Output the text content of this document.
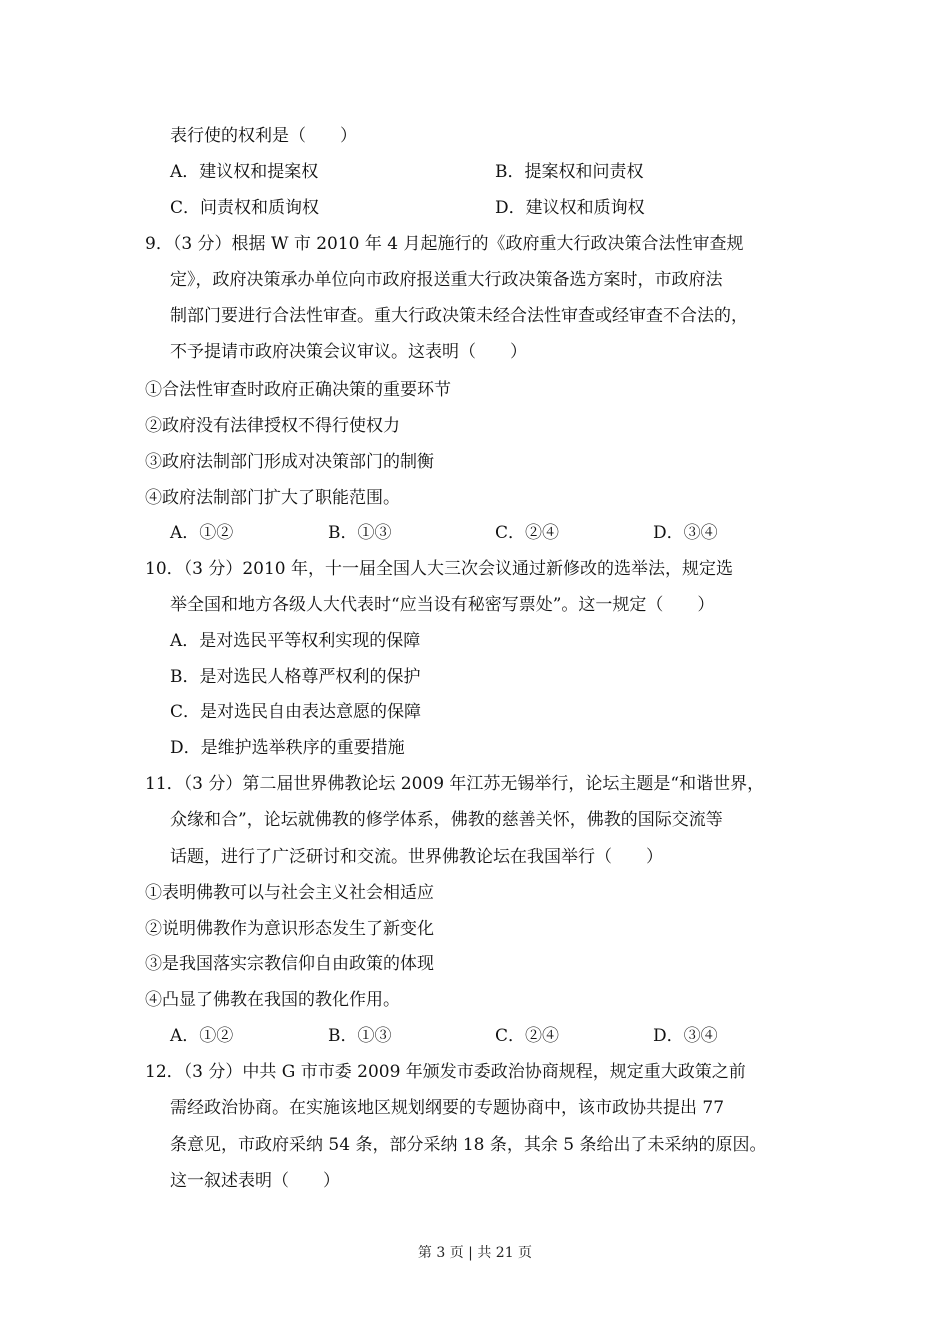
表行使的权利是（　　）
A．建议权和提案权	B．提案权和问责权
C．问责权和质询权	D．建议权和质询权
9．（3 分）根据 W 市 2010 年 4 月起施行的《政府重大行政决策合法性审查规
定》，政府决策承办单位向市政府报送重大行政决策备选方案时，市政府法
制部门要进行合法性审查。重大行政决策未经合法性审查或经审查不合法的，
不予提请市政府决策会议审议。这表明（　　）
①合法性审查时政府正确决策的重要环节
②政府没有法律授权不得行使权力
③政府法制部门形成对决策部门的制衡
④政府法制部门扩大了职能范围。
A．①②	B．①③	C．②④	D．③④
10．（3 分）2010 年，十一届全国人大三次会议通过新修改的选举法，规定选
举全国和地方各级人大代表时“应当设有秘密写票处”。这一规定（　　）
A．是对选民平等权利实现的保障
B．是对选民人格尊严权利的保护
C．是对选民自由表达意愿的保障
D．是维护选举秩序的重要措施
11．（3 分）第二届世界佛教论坛 2009 年江苏无锡举行，论坛主题是“和谐世界，
众缘和合”，论坛就佛教的修学体系，佛教的慈善关怀，佛教的国际交流等
话题，进行了广泛研讨和交流。世界佛教论坛在我国举行（　　）
①表明佛教可以与社会主义社会相适应
②说明佛教作为意识形态发生了新变化
③是我国落实宗教信仰自由政策的体现
④凸显了佛教在我国的教化作用。
A．①②	B．①③	C．②④	D．③④
12．（3 分）中共 G 市市委 2009 年颁发市委政治协商规程，规定重大政策之前
需经政治协商。在实施该地区规划纲要的专题协商中，该市政协共提出 77
条意见，市政府采纳 54 条，部分采纳 18 条，其余 5 条给出了未采纳的原因。
这一叙述表明（　　）
第 3 页 | 共 21 页
